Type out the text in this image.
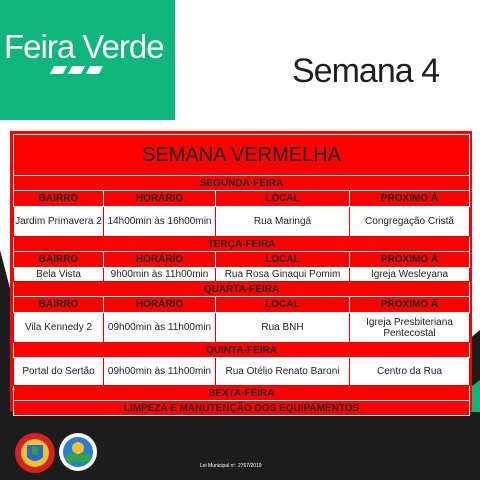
Feira Verde
Semana 4
SEMANA VERMELHA			
SEGUNDA-FEIRA			
BAIRRO	HORÁRIO	LOCAL	PROXIMO Á
Jardim Primavera 2	14h00min às 16h00min	Rua Maringá	Congregação Cristã
TERÇA-FEIRA			
BAIRRO	HORÁRIO	LOCAL	PROXIMO Á
Bela Vista	9h00min às 11h00min	Rua Rosa Ginaqui Pomim	Igreja Wesleyana
QUARTA-FEIRA			
BAIRRO	HORÁRIO	LOCAL	PROXIMO Á
Vila Kennedy 2	09h00min às 11h00min	Rua BNH	Igreja Presbiteriana Pentecostal
QUINTA-FEIRA			
Portal do Sertão	09h00min às 11h00min	Rua Otélio Renato Baroni	Centro da Rua
SEXTA-FEIRA			
LIMPEZA E MANUTENÇÃO DOS EQUIPAMENTOS			
Lei Municipal nº. 2767/2019
